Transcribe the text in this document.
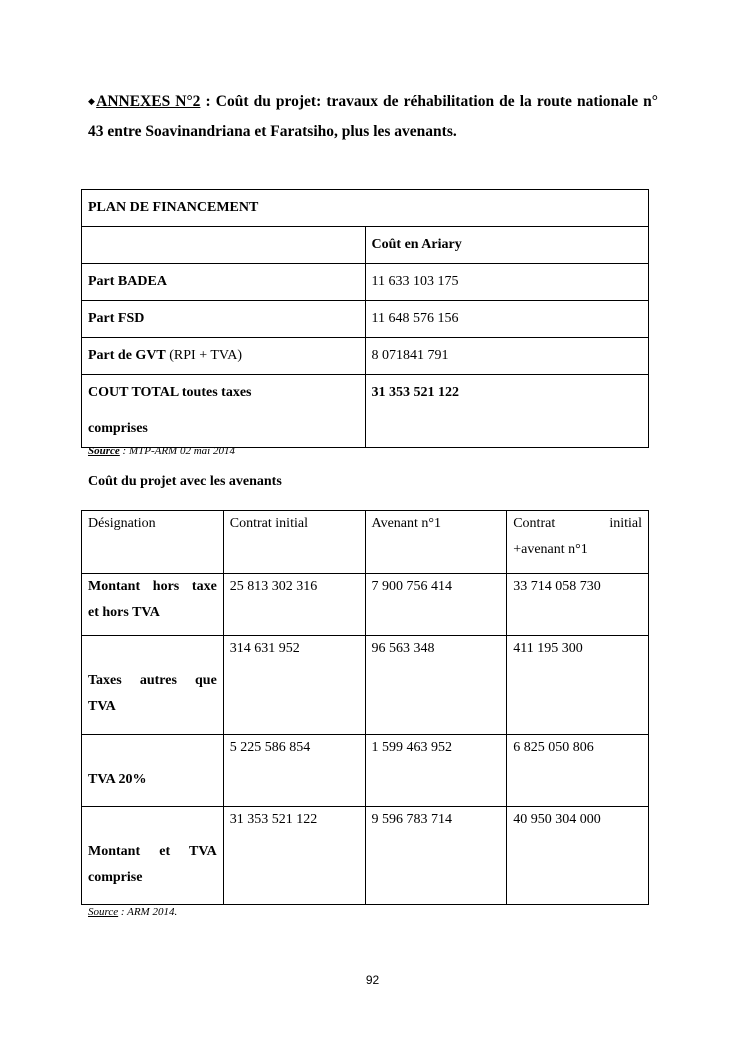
◆ANNEXES N°2 : Coût du projet: travaux de réhabilitation de la route nationale n° 43 entre Soavinandriana et Faratsiho, plus les avenants.

PLAN DE FINANCEMENT	
	Coût en Ariary
Part BADEA	11 633 103 175
Part FSD	11 648 576 156
Part de GVT (RPI + TVA)	8 071841 791

COUT TOTAL toutes taxes
comprises	31 353 521 122
Source : MTP-ARM 02 mai 2014
Coût du projet avec les avenants
Désignation	Contrat initial	Avenant n°1	Contrat initial
+avenant n°1

Montant hors taxe
et hors TVA	25 813 302 316	7 900 756 414	33 714 058 730

Taxes autres que
TVA	314 631 952	96 563 348	411 195 300

TVA 20%	5 225 586 854	1 599 463 952	6 825 050 806

Montant et TVA
comprise	31 353 521 122	9 596 783 714	40 950 304 000
Source : ARM 2014.
92
